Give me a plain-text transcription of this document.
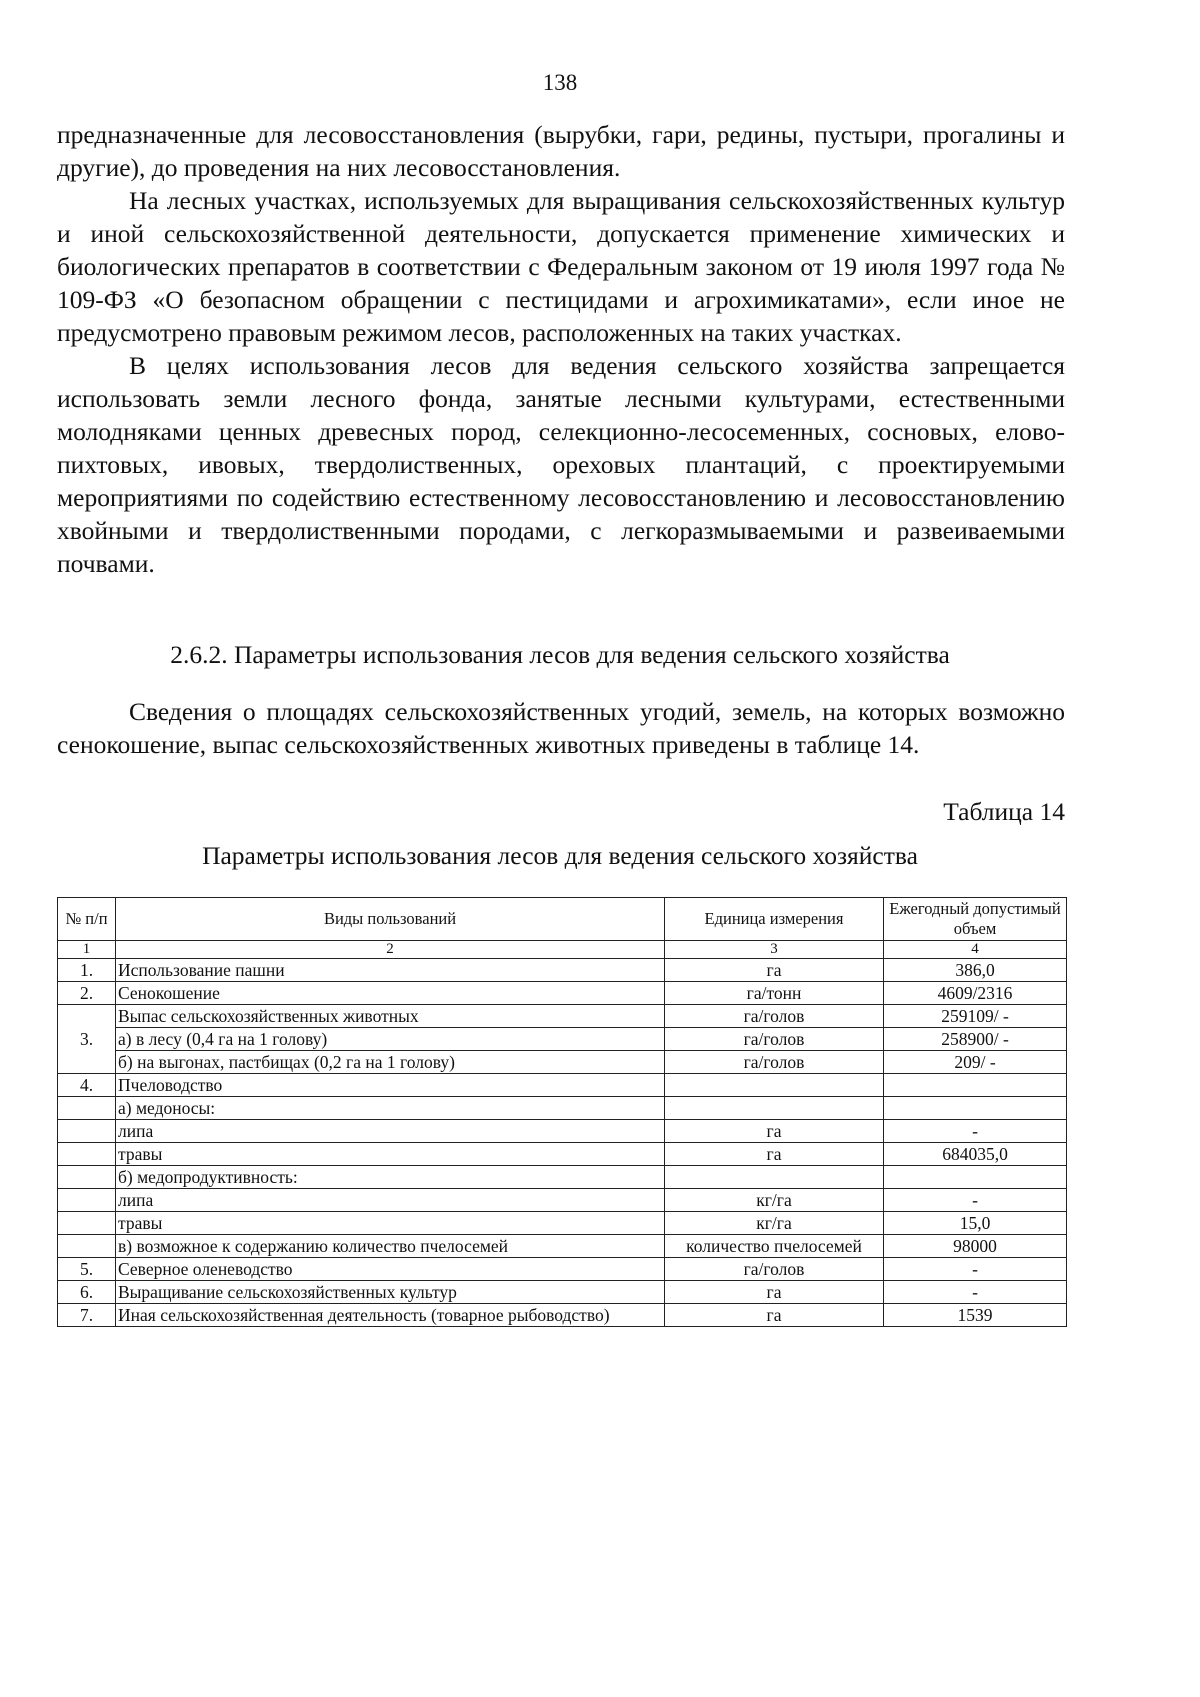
138

предназначенные для лесовосстановления (вырубки, гари, редины, пустыри, прогалины и другие), до проведения на них лесовосстановления.

На лесных участках, используемых для выращивания сельскохозяйственных культур и иной сельскохозяйственной деятельности, допускается применение химических и биологических препаратов в соответствии с Федеральным законом от 19 июля 1997 года № 109-ФЗ «О безопасном обращении с пестицидами и агрохимикатами», если иное не предусмотрено правовым режимом лесов, расположенных на таких участках.

В целях использования лесов для ведения сельского хозяйства запрещается использовать земли лесного фонда, занятые лесными культурами, естественными молодняками ценных древесных пород, селекционно-лесосеменных, сосновых, елово-пихтовых, ивовых, твердолиственных, ореховых плантаций, с проектируемыми мероприятиями по содействию естественному лесовосстановлению и лесовосстановлению хвойными и твердолиственными породами, с легкоразмываемыми и развеиваемыми почвами.

2.6.2. Параметры использования лесов для ведения сельского хозяйства

Сведения о площадях сельскохозяйственных угодий, земель, на которых возможно сенокошение, выпас сельскохозяйственных животных приведены в таблице 14.

Таблица 14
Параметры использования лесов для ведения сельского хозяйства
№ п/п	Виды пользований	Единица измерения	Ежегодный допустимый объем
1	2	3	4
1.	Использование пашни	га	386,0
2.	Сенокошение	га/тонн	4609/2316
3.	Выпас сельскохозяйственных животных	га/голов	259109/ -
	а) в лесу (0,4 га на 1 голову)	га/голов	258900/ -
	б) на выгонах, пастбищах (0,2 га на 1 голову)	га/голов	209/ -
4.	Пчеловодство		
	а) медоносы:		
	липа	га	-
	травы	га	684035,0
	б) медопродуктивность:		
	липа	кг/га	-
	травы	кг/га	15,0
	в) возможное к содержанию количество пчелосемей	количество пчелосемей	98000
5.	Северное оленеводство	га/голов	-
6.	Выращивание сельскохозяйственных культур	га	-
7.	Иная сельскохозяйственная деятельность (товарное рыбоводство)	га	1539
